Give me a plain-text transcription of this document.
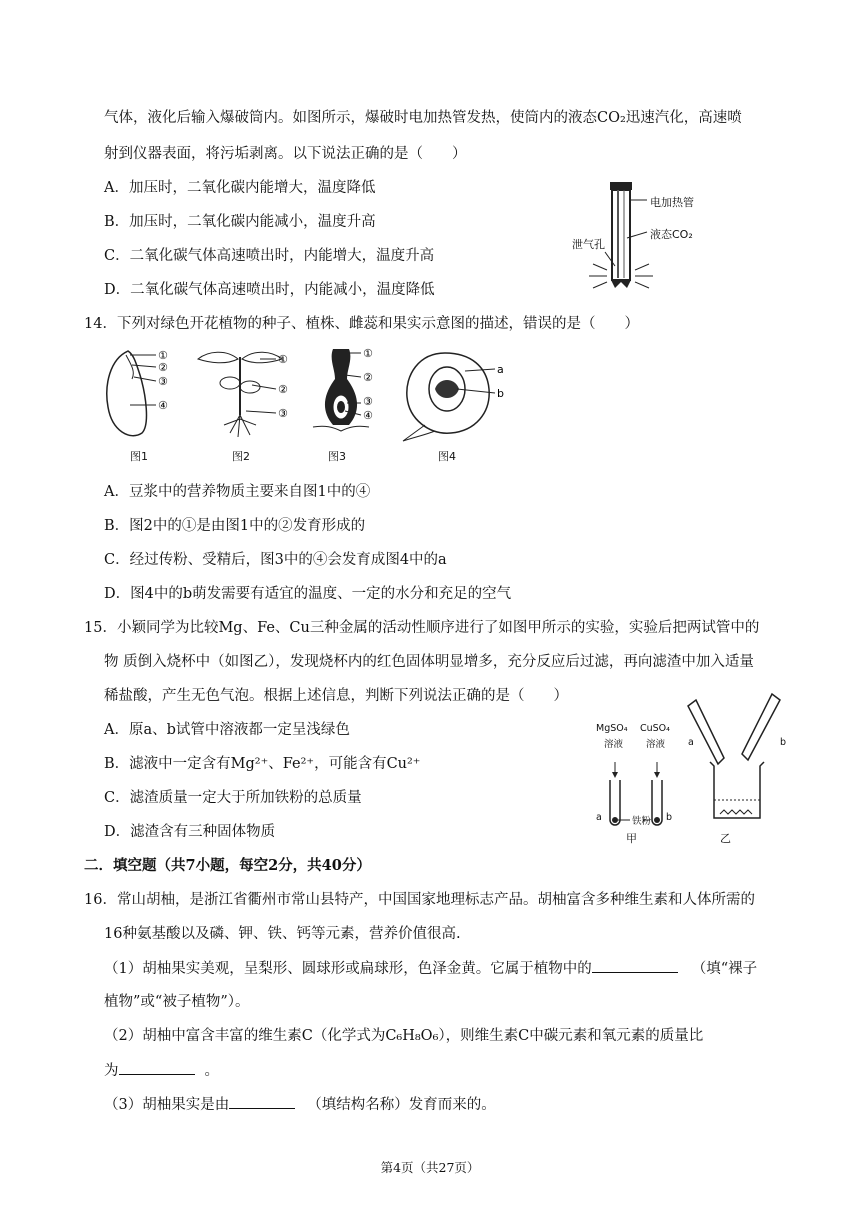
气体，液化后输入爆破筒内。如图所示，爆破时电加热管发热，使筒内的液态CO₂迅速汽化，高速喷
射到仪器表面，将污垢剥离。以下说法正确的是（　　）
A．加压时，二氧化碳内能增大，温度降低
B．加压时，二氧化碳内能减小，温度升高
C．二氧化碳气体高速喷出时，内能增大，温度升高
D．二氧化碳气体高速喷出时，内能减小，温度降低
电加热管
液态CO₂
泄气孔
14．下列对绿色开花植物的种子、植株、雌蕊和果实示意图的描述，错误的是（　　）
①
②
③
④
①
②
③
①
②
③
④
a
b
图1	图2	图3	图4
A．豆浆中的营养物质主要来自图1中的④
B．图2中的①是由图1中的②发育形成的
C．经过传粉、受精后，图3中的④会发育成图4中的a
D．图4中的b萌发需要有适宜的温度、一定的水分和充足的空气
15．小颖同学为比较Mg、Fe、Cu三种金属的活动性顺序进行了如图甲所示的实验，实验后把两试管中的
物 质倒入烧杯中（如图乙），发现烧杯内的红色固体明显增多，充分反应后过滤，再向滤渣中加入适量
稀盐酸，产生无色气泡。根据上述信息，判断下列说法正确的是（　　）
A．原a、b试管中溶液都一定呈浅绿色
B．滤液中一定含有Mg²⁺、Fe²⁺，可能含有Cu²⁺
C．滤渣质量一定大于所加铁粉的总质量
D．滤渣含有三种固体物质
MgSO₄
溶液
CuSO₄
溶液
a	铁粉 b
甲
a	b
乙
二．填空题（共7小题，每空2分，共40分）
16．常山胡柚，是浙江省衢州市常山县特产，中国国家地理标志产品。胡柚富含多种维生素和人体所需的
16种氨基酸以及磷、钾、铁、钙等元素，营养价值很高.
（1）胡柚果实美观，呈梨形、圆球形或扁球形，色泽金黄。它属于植物中的	（填“裸子
植物”或“被子植物”）。
（2）胡柚中富含丰富的维生素C（化学式为C₆H₈O₆），则维生素C中碳元素和氧元素的质量比
为	。
（3）胡柚果实是由	（填结构名称）发育而来的。
第4页（共27页）
